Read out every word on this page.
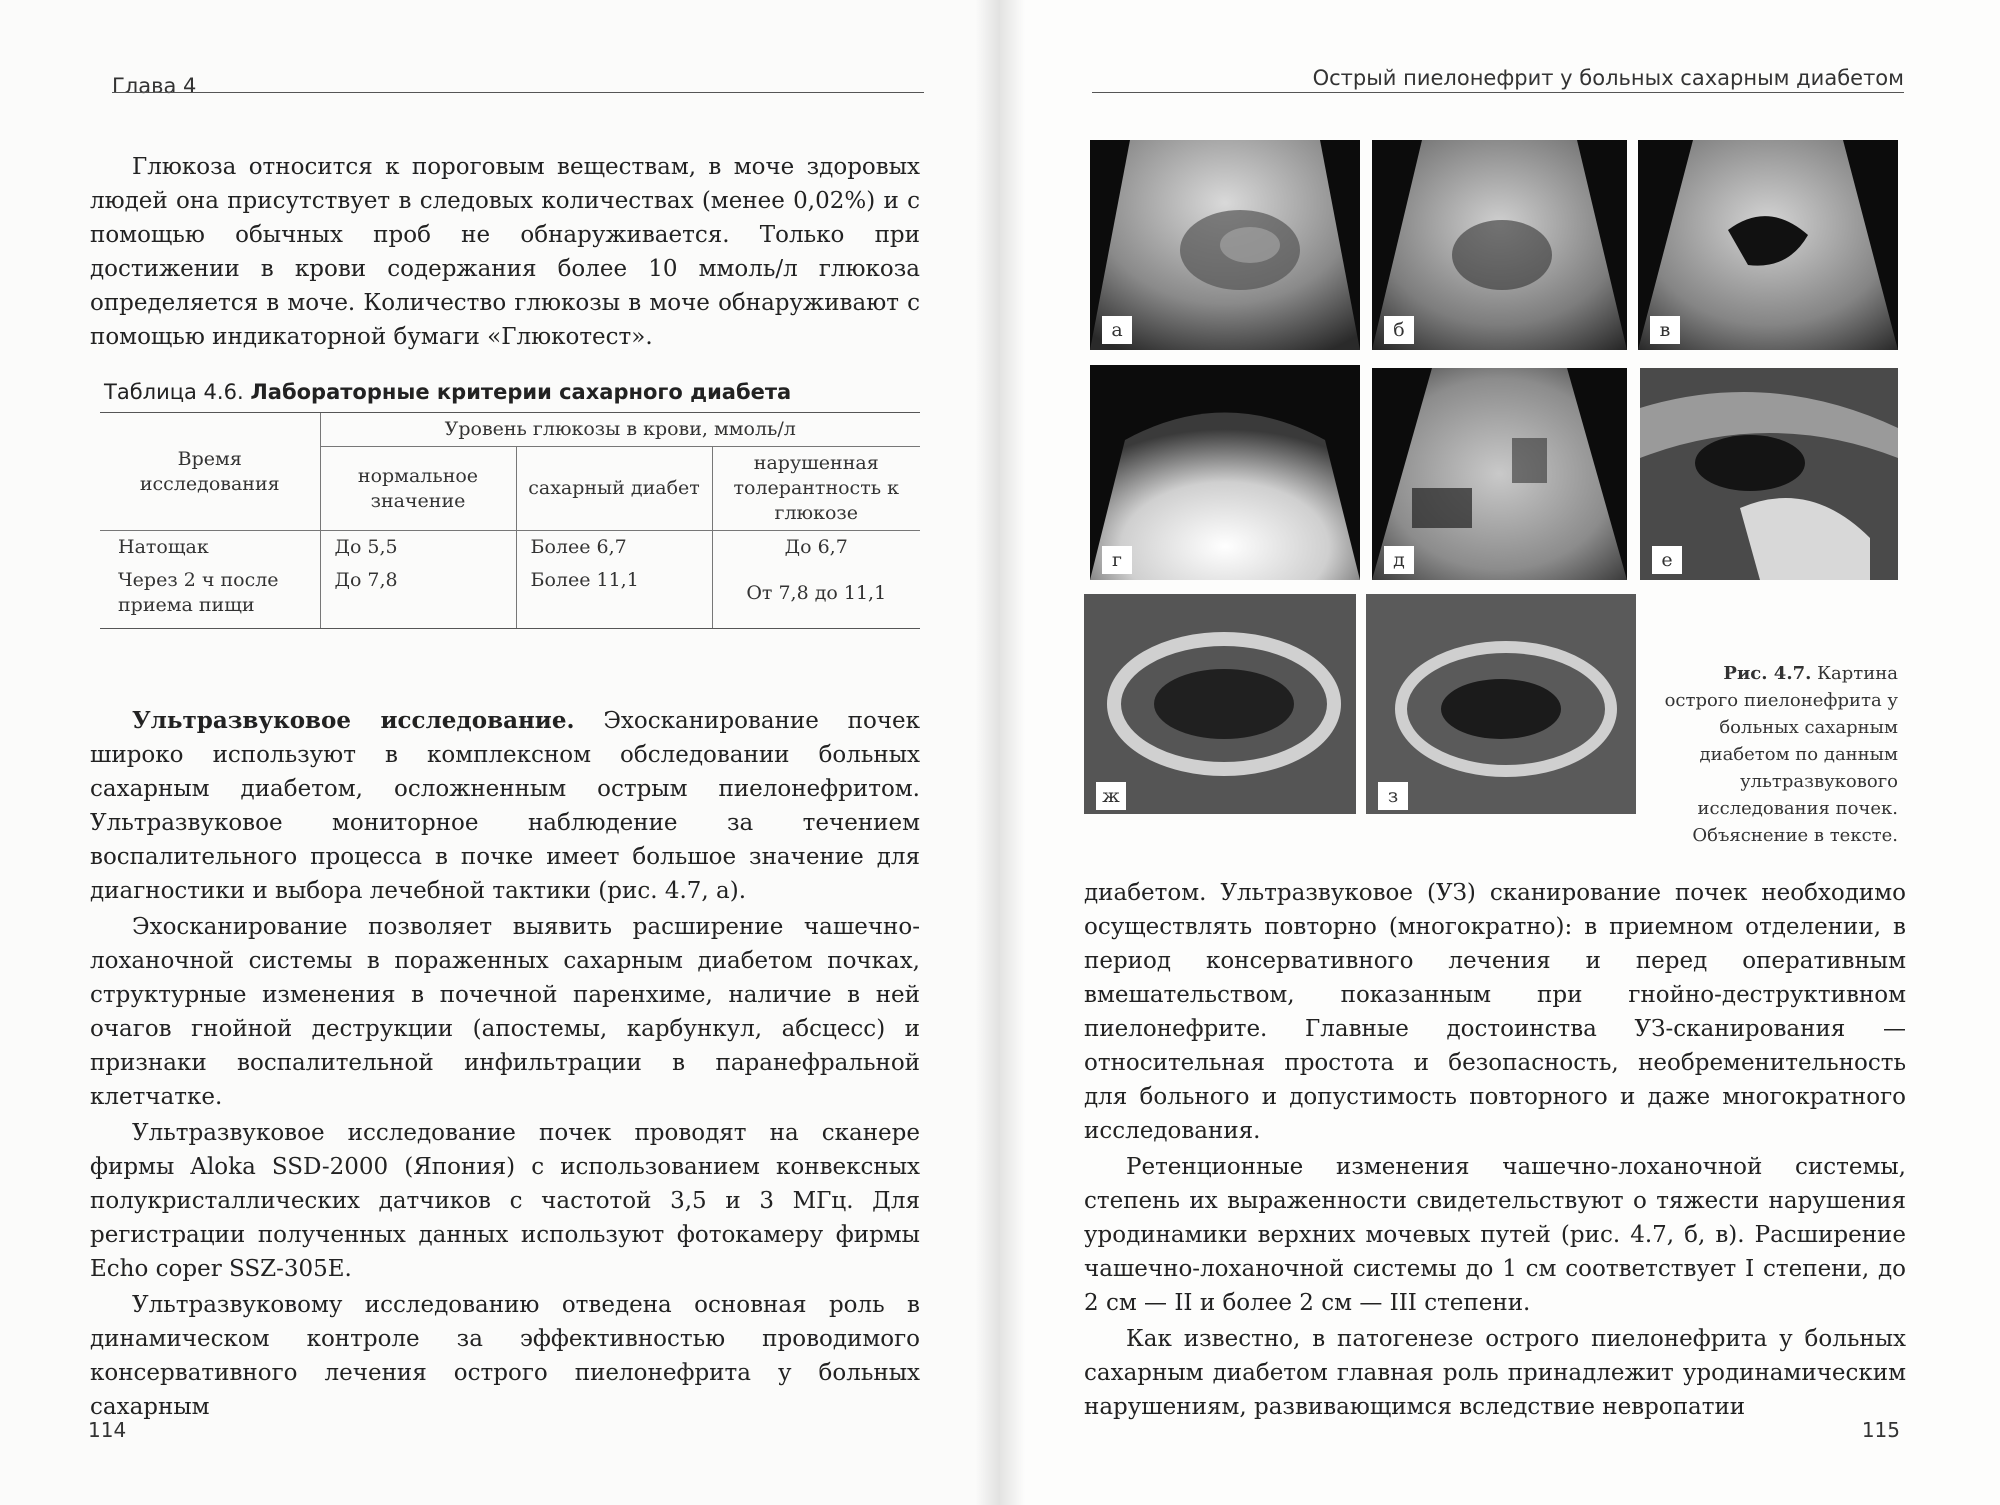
Глава 4

Глюкоза относится к пороговым веществам, в моче здоровых людей она присутствует в следовых количествах (менее 0,02%) и с помощью обычных проб не обнаруживается. Только при достижении в крови содержания более 10 ммоль/л глюкоза определяется в моче. Количество глюкозы в моче обнаруживают с помощью индикаторной бумаги «Глюкотест».

Таблица 4.6. Лабораторные критерии сахарного диабета
Время исследования	Уровень глюкозы в крови, ммоль/л		
	нормальное значение	сахарный диабет	нарушенная толерантность к глюкозе
Натощак	До 5,5	Более 6,7	До 6,7
Через 2 ч после приема пищи	До 7,8	Более 11,1	От 7,8 до 11,1

Ультразвуковое исследование. Эхосканирование почек широко используют в комплексном обследовании больных сахарным диабетом, осложненным острым пиелонефритом. Ультразвуковое мониторное наблюдение за течением воспалительного процесса в почке имеет большое значение для диагностики и выбора лечебной тактики (рис. 4.7, а).

Эхосканирование позволяет выявить расширение чашечно-лоханочной системы в пораженных сахарным диабетом почках, структурные изменения в почечной паренхиме, наличие в ней очагов гнойной деструкции (апостемы, карбункул, абсцесс) и признаки воспалительной инфильтрации в паранефральной клетчатке.

Ультразвуковое исследование почек проводят на сканере фирмы Aloka SSD-2000 (Япония) с использованием конвексных полукристаллических датчиков с частотой 3,5 и 3 МГц. Для регистрации полученных данных используют фотокамеру фирмы Echo coper SSZ-305E.

Ультразвуковому исследованию отведена основная роль в динамическом контроле за эффективностью проводимого консервативного лечения острого пиелонефрита у больных сахарным

114
Острый пиелонефрит у больных сахарным диабетом
а	б	в
г	д	е
ж	з
Рис. 4.7. Картина острого пиелонефрита у больных сахарным диабетом по данным ультразвукового исследования почек. Объяснение в тексте.

диабетом. Ультразвуковое (УЗ) сканирование почек необходимо осуществлять повторно (многократно): в приемном отделении, в период консервативного лечения и перед оперативным вмешательством, показанным при гнойно-деструктивном пиелонефрите. Главные достоинства УЗ-сканирования — относительная простота и безопасность, необременительность для больного и допустимость повторного и даже многократного исследования.

Ретенционные изменения чашечно-лоханочной системы, степень их выраженности свидетельствуют о тяжести нарушения уродинамики верхних мочевых путей (рис. 4.7, б, в). Расширение чашечно-лоханочной системы до 1 см соответствует I степени, до 2 см — II и более 2 см — III степени.

Как известно, в патогенезе острого пиелонефрита у больных сахарным диабетом главная роль принадлежит уродинамическим нарушениям, развивающимся вследствие невропатии

115
